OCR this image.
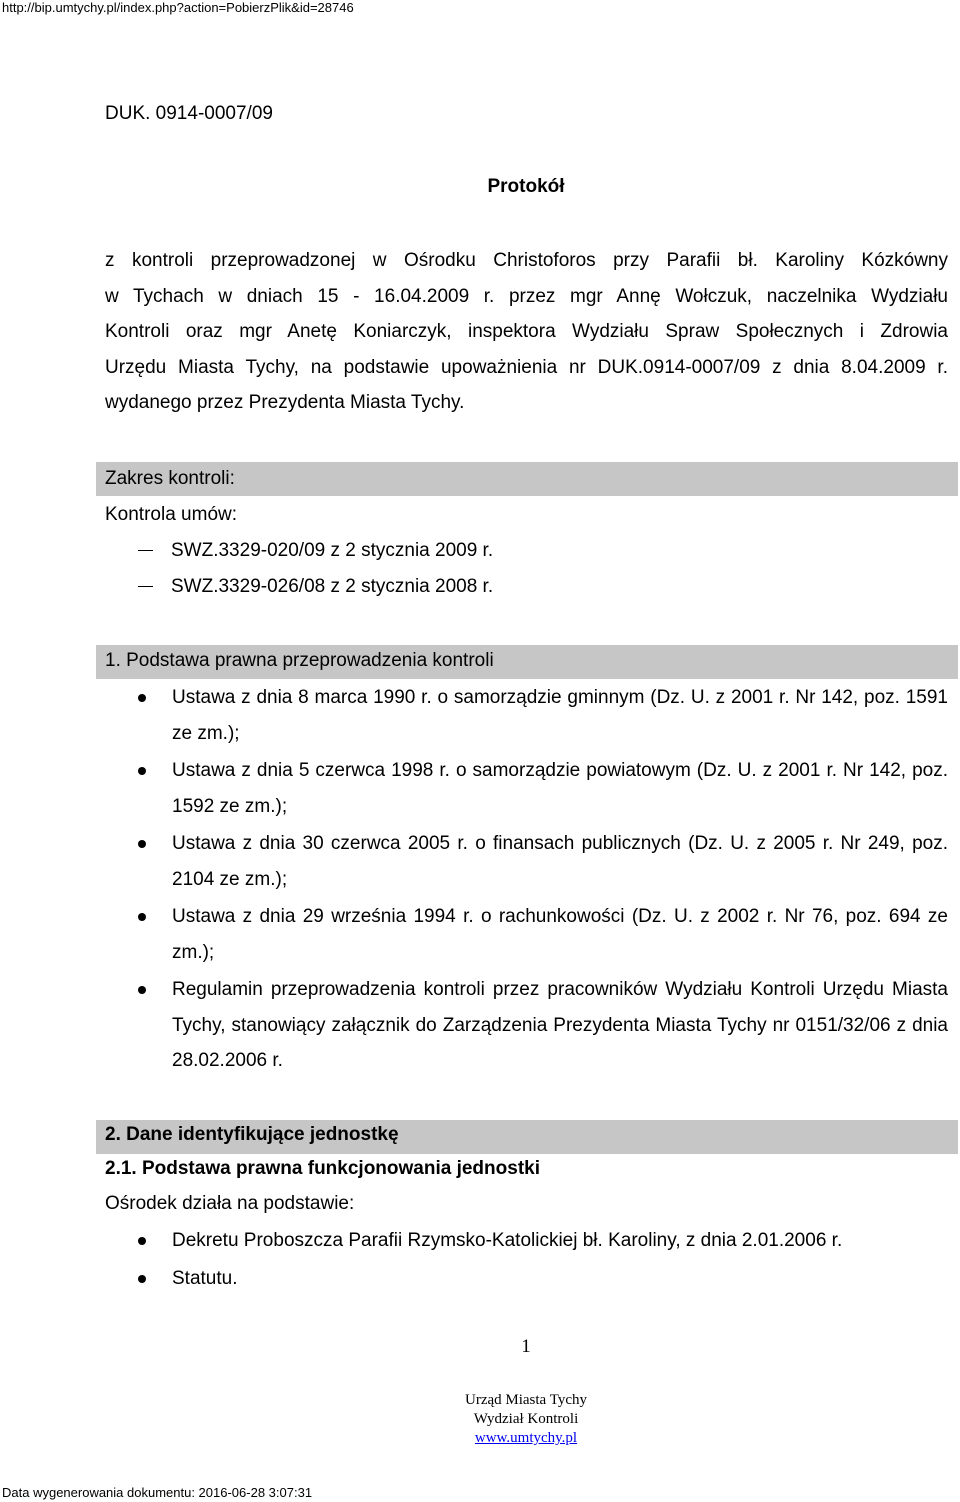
http://bip.umtychy.pl/index.php?action=PobierzPlik&id=28746
DUK. 0914-0007/09
Protokół
z kontroli przeprowadzonej w Ośrodku Christoforos przy Parafii bł. Karoliny Kózkówny
w Tychach w dniach 15 - 16.04.2009 r. przez mgr Annę Wołczuk, naczelnika Wydziału
Kontroli oraz mgr Anetę Koniarczyk, inspektora Wydziału Spraw Społecznych i Zdrowia
Urzędu Miasta Tychy, na podstawie upoważnienia nr DUK.0914-0007/09 z dnia 8.04.2009 r.
wydanego przez Prezydenta Miasta Tychy.
Zakres kontroli:
Kontrola umów:
SWZ.3329-020/09 z 2 stycznia 2009 r.
SWZ.3329-026/08 z 2 stycznia 2008 r.
1. Podstawa prawna przeprowadzenia kontroli
Ustawa z dnia 8 marca 1990 r. o samorządzie gminnym (Dz. U. z 2001 r. Nr 142, poz. 1591 ze zm.);
Ustawa z dnia 5 czerwca 1998 r. o samorządzie powiatowym (Dz. U. z 2001 r. Nr 142, poz. 1592 ze zm.);
Ustawa z dnia 30 czerwca 2005 r. o finansach publicznych (Dz. U. z 2005 r. Nr 249, poz. 2104 ze zm.);
Ustawa z dnia 29 września 1994 r. o rachunkowości (Dz. U. z 2002 r. Nr 76, poz. 694 ze zm.);
Regulamin przeprowadzenia kontroli przez pracowników Wydziału Kontroli Urzędu Miasta Tychy, stanowiący załącznik do Zarządzenia Prezydenta Miasta Tychy nr 0151/32/06 z dnia 28.02.2006 r.
2. Dane identyfikujące jednostkę
2.1. Podstawa prawna funkcjonowania jednostki
Ośrodek działa na podstawie:
Dekretu Proboszcza Parafii Rzymsko-Katolickiej bł. Karoliny, z dnia 2.01.2006 r.
Statutu.
1
Urząd Miasta Tychy
Wydział Kontroli
www.umtychy.pl
Data wygenerowania dokumentu: 2016-06-28 3:07:31
